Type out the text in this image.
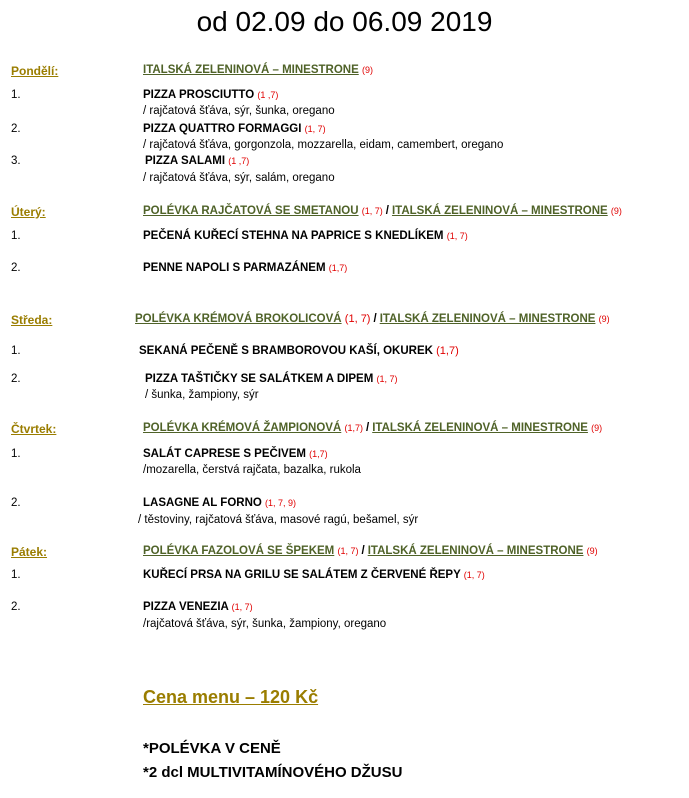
od 02.09 do 06.09 2019
Pondělí:	ITALSKÁ ZELENINOVÁ – MINESTRONE (9)
1.	PIZZA PROSCIUTTO (1 ,7)
/ rajčatová šťáva, sýr, šunka, oregano
2.	PIZZA QUATTRO FORMAGGI (1, 7)
/ rajčatová šťáva, gorgonzola, mozzarella, eidam, camembert, oregano
3.	PIZZA SALAMI (1 ,7)
/ rajčatová šťáva, sýr, salám, oregano
Úterý:	POLÉVKA RAJČATOVÁ SE SMETANOU (1, 7) / ITALSKÁ ZELENINOVÁ – MINESTRONE (9)
1.	PEČENÁ KUŘECÍ STEHNA NA PAPRICE S KNEDLÍKEM (1, 7)
2.	PENNE NAPOLI S PARMAZÁNEM (1,7)
Středa:	POLÉVKA KRÉMOVÁ BROKOLICOVÁ (1, 7) / ITALSKÁ ZELENINOVÁ – MINESTRONE (9)
1.	SEKANÁ PEČENĚ S BRAMBOROVOU KAŠÍ, OKUREK (1,7)
2.	PIZZA TAŠTIČKY SE SALÁTKEM A DIPEM (1, 7)
/ šunka, žampiony, sýr
Čtvrtek:	POLÉVKA KRÉMOVÁ ŽAMPIONOVÁ (1,7) / ITALSKÁ ZELENINOVÁ – MINESTRONE (9)
1.	SALÁT CAPRESE S PEČIVEM (1,7)
/mozarella, čerstvá rajčata, bazalka, rukola
2.	LASAGNE AL FORNO (1, 7, 9)
/ těstoviny, rajčatová šťáva, masové ragú, bešamel, sýr
Pátek:	POLÉVKA FAZOLOVÁ SE ŠPEKEM (1, 7) / ITALSKÁ ZELENINOVÁ – MINESTRONE (9)
1.	KUŘECÍ PRSA NA GRILU SE SALÁTEM Z ČERVENÉ ŘEPY (1, 7)
2.	PIZZA VENEZIA (1, 7)
/rajčatová šťáva, sýr, šunka, žampiony, oregano
Cena menu – 120 Kč
*POLÉVKA V CENĚ
*2 dcl MULTIVITAMÍNOVÉHO DŽUSU
